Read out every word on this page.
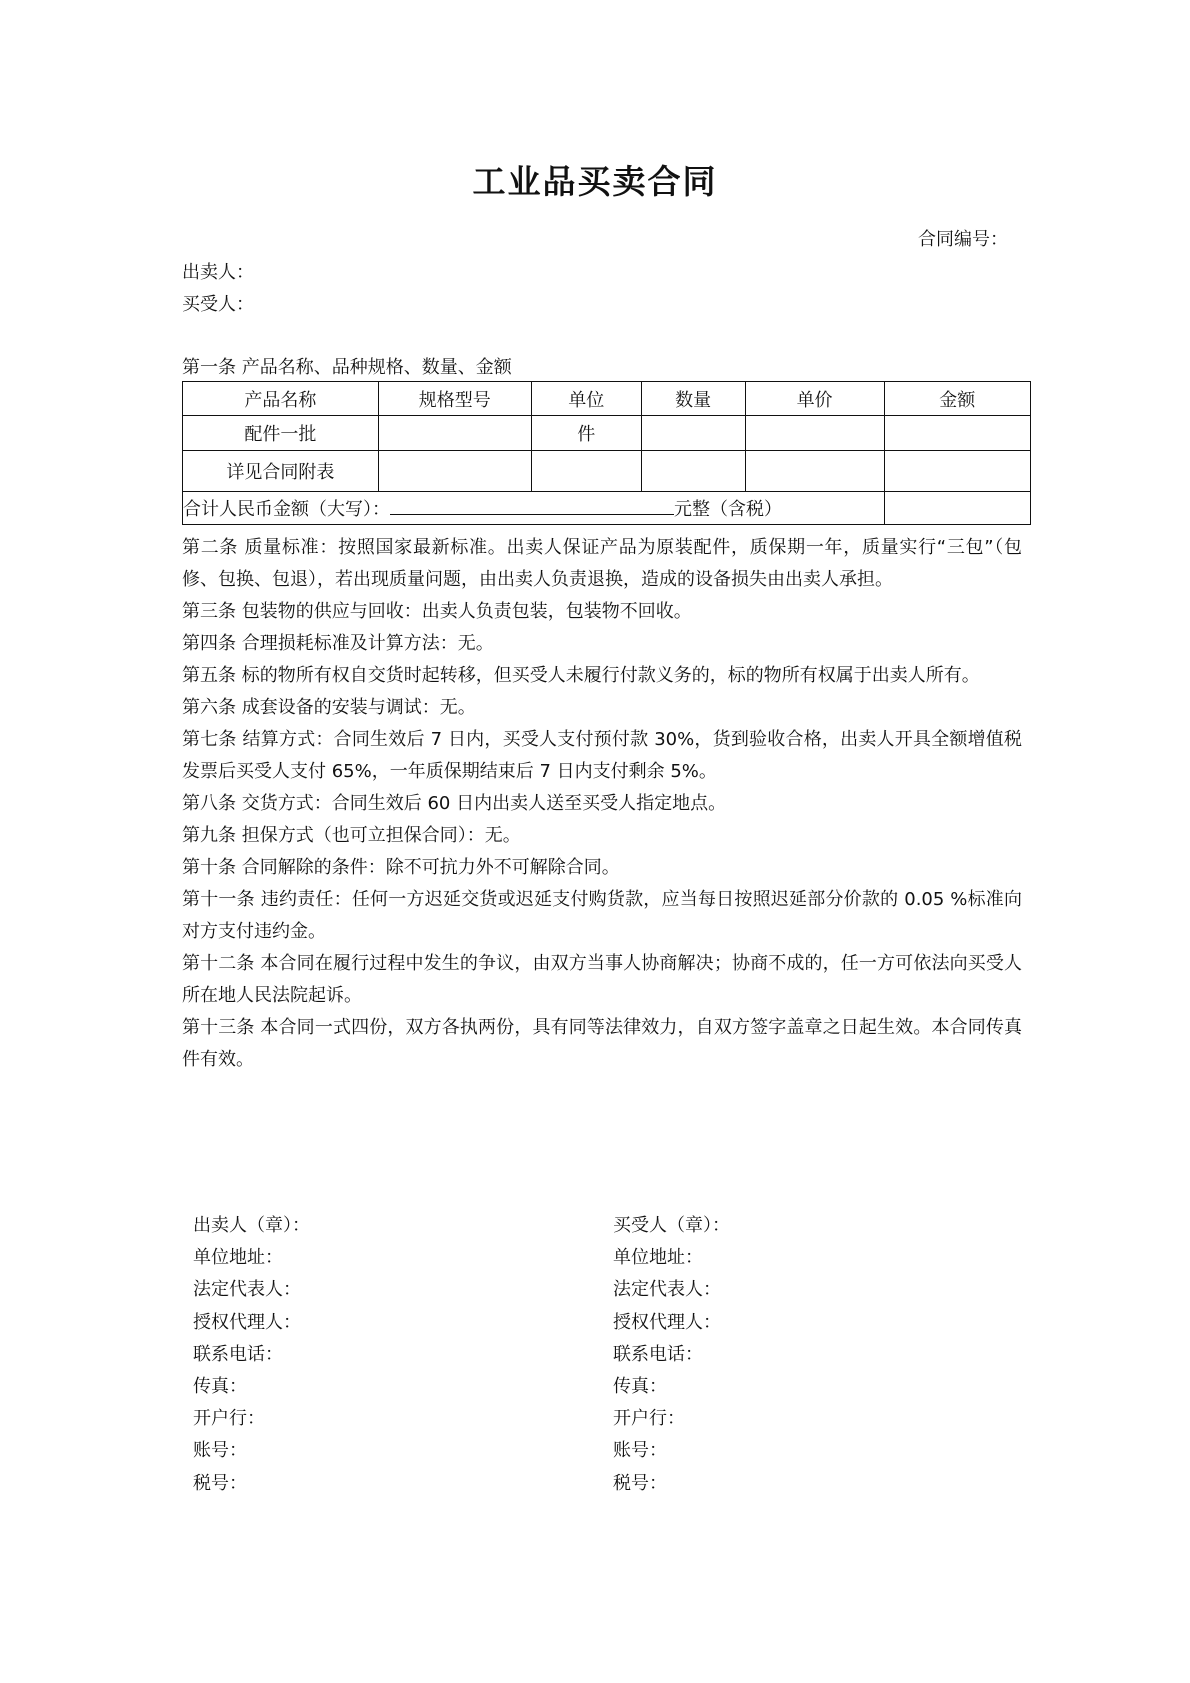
工业品买卖合同
合同编号：
出卖人：
买受人：
第一条 产品名称、品种规格、数量、金额
产品名称	规格型号	单位	数量	单价	金额
配件一批		件			
详见合同附表					
合计人民币金额（大写）： 元整（含税）					

第二条 质量标准：按照国家最新标准。出卖人保证产品为原装配件，质保期一年，质量实行“三包”（包修、包换、包退），若出现质量问题，由出卖人负责退换，造成的设备损失由出卖人承担。

第三条 包装物的供应与回收：出卖人负责包装，包装物不回收。

第四条 合理损耗标准及计算方法：无。

第五条 标的物所有权自交货时起转移，但买受人未履行付款义务的，标的物所有权属于出卖人所有。

第六条 成套设备的安装与调试：无。

第七条 结算方式：合同生效后 7 日内，买受人支付预付款 30%，货到验收合格，出卖人开具全额增值税发票后买受人支付 65%，一年质保期结束后 7 日内支付剩余 5%。

第八条 交货方式：合同生效后 60 日内出卖人送至买受人指定地点。

第九条 担保方式（也可立担保合同）：无。

第十条 合同解除的条件：除不可抗力外不可解除合同。

第十一条 违约责任：任何一方迟延交货或迟延支付购货款，应当每日按照迟延部分价款的 0.05 %标准向对方支付违约金。

第十二条 本合同在履行过程中发生的争议，由双方当事人协商解决；协商不成的，任一方可依法向买受人所在地人民法院起诉。

第十三条 本合同一式四份，双方各执两份，具有同等法律效力，自双方签字盖章之日起生效。本合同传真件有效。

出卖人（章）：
单位地址：
法定代表人：
授权代理人：
联系电话：
传真：
开户行：
账号：
税号：
买受人（章）：
单位地址：
法定代表人：
授权代理人：
联系电话：
传真：
开户行：
账号：
税号：
